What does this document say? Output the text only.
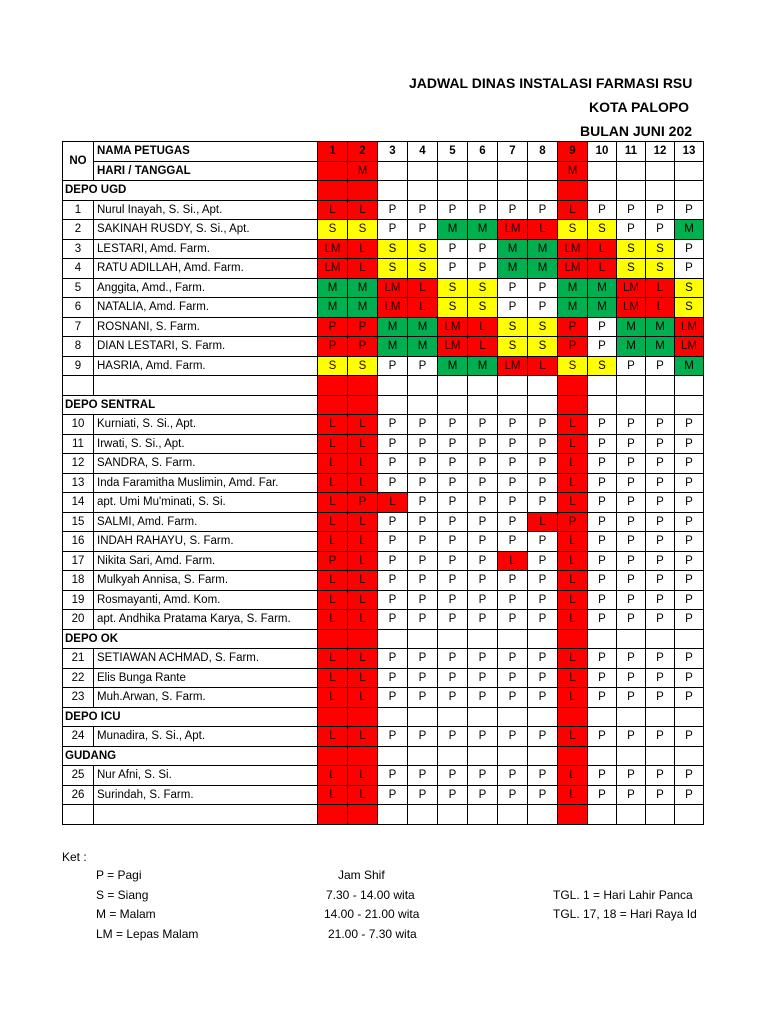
JADWAL DINAS INSTALASI FARMASI RSU
KOTA PALOPO
BULAN JUNI 202
NO	NAMA PETUGAS	1	2	3	4	5	6	7	8	9	10	11	12	13
	HARI / TANGGAL		M							M				
DEPO UGD														
1	Nurul Inayah, S. Si., Apt.	L	L	P	P	P	P	P	P	L	P	P	P	P
2	SAKINAH RUSDY, S. Si., Apt.	S	S	P	P	M	M	LM	L	S	S	P	P	M
3	LESTARI, Amd. Farm.	LM	L	S	S	P	P	M	M	LM	L	S	S	P
4	RATU ADILLAH, Amd. Farm.	LM	L	S	S	P	P	M	M	LM	L	S	S	P
5	Anggita, Amd., Farm.	M	M	LM	L	S	S	P	P	M	M	LM	L	S
6	NATALIA, Amd. Farm.	M	M	LM	L	S	S	P	P	M	M	LM	L	S
7	ROSNANI, S. Farm.	P	P	M	M	LM	L	S	S	P	P	M	M	LM
8	DIAN LESTARI, S. Farm.	P	P	M	M	LM	L	S	S	P	P	M	M	LM
9	HASRIA, Amd. Farm.	S	S	P	P	M	M	LM	L	S	S	P	P	M

DEPO SENTRAL														
10	Kurniati, S. Si., Apt.	L	L	P	P	P	P	P	P	L	P	P	P	P
11	Irwati, S. Si., Apt.	L	L	P	P	P	P	P	P	L	P	P	P	P
12	SANDRA, S. Farm.	L	L	P	P	P	P	P	P	L	P	P	P	P
13	Inda Faramitha Muslimin, Amd. Far.	L	L	P	P	P	P	P	P	L	P	P	P	P
14	apt. Umi Mu'minati, S. Si.	L	P	L	P	P	P	P	P	L	P	P	P	P
15	SALMI, Amd. Farm.	L	L	P	P	P	P	P	L	P	P	P	P	P
16	INDAH RAHAYU, S. Farm.	L	L	P	P	P	P	P	P	L	P	P	P	P
17	Nikita Sari, Amd. Farm.	P	L	P	P	P	P	L	P	L	P	P	P	P
18	Mulkyah Annisa, S. Farm.	L	L	P	P	P	P	P	P	L	P	P	P	P
19	Rosmayanti, Amd. Kom.	L	L	P	P	P	P	P	P	L	P	P	P	P
20	apt. Andhika Pratama Karya, S. Farm.	L	L	P	P	P	P	P	P	L	P	P	P	P
DEPO OK														
21	SETIAWAN ACHMAD, S. Farm.	L	L	P	P	P	P	P	P	L	P	P	P	P
22	Elis Bunga Rante	L	L	P	P	P	P	P	P	L	P	P	P	P
23	Muh.Arwan, S. Farm.	L	L	P	P	P	P	P	P	L	P	P	P	P
DEPO ICU														
24	Munadira, S. Si., Apt.	L	L	P	P	P	P	P	P	L	P	P	P	P
GUDANG														
25	Nur Afni, S. Si.	L	L	P	P	P	P	P	P	L	P	P	P	P
26	Surindah, S. Farm.	L	L	P	P	P	P	P	P	L	P	P	P	P

Ket :
P = Pagi
S = Siang
M = Malam
LM = Lepas Malam
Jam Shif
7.30 - 14.00 wita
14.00 - 21.00 wita
21.00 - 7.30 wita
TGL. 1 = Hari Lahir Panca
TGL. 17, 18 = Hari Raya Id
